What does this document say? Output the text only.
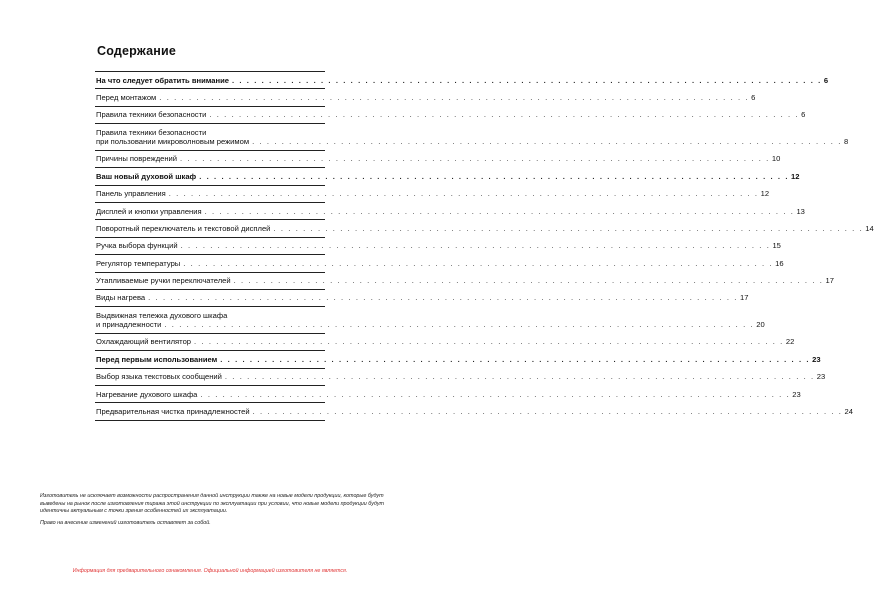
Содержание
На что следует обратить внимание . . . . . . . . . . . . . . . . . . . . . . . . . . . . . . . . . . . . . . . . . . . . . . . . . . . . . . . . . . . . . . . . . . . . . . . . . . . . . . . . 6
Перед монтажом . . . . . . . . . . . . . . . . . . . . . . . . . . . . . . . . . . . . . . . . . . . . . . . . . . . . . . . . . . . . . . . . . . . . . . . . . . . . . . . . 6
Правила техники безопасности . . . . . . . . . . . . . . . . . . . . . . . . . . . . . . . . . . . . . . . . . . . . . . . . . . . . . . . . . . . . . . . . . . . . . . . . . . . . . . . . 6
Правила техники безопасности
при пользовании микроволновым режимом . . . . . . . . . . . . . . . . . . . . . . . . . . . . . . . . . . . . . . . . . . . . . . . . . . . . . . . . . . . . . . . . . . . . . . . . . . . . . . . . 8
Причины повреждений . . . . . . . . . . . . . . . . . . . . . . . . . . . . . . . . . . . . . . . . . . . . . . . . . . . . . . . . . . . . . . . . . . . . . . . . . . . . . . . . 10
Ваш новый духовой шкаф . . . . . . . . . . . . . . . . . . . . . . . . . . . . . . . . . . . . . . . . . . . . . . . . . . . . . . . . . . . . . . . . . . . . . . . . . . . . . . . . 12
Панель управления . . . . . . . . . . . . . . . . . . . . . . . . . . . . . . . . . . . . . . . . . . . . . . . . . . . . . . . . . . . . . . . . . . . . . . . . . . . . . . . . 12
Дисплей и кнопки управления . . . . . . . . . . . . . . . . . . . . . . . . . . . . . . . . . . . . . . . . . . . . . . . . . . . . . . . . . . . . . . . . . . . . . . . . . . . . . . . . 13
Поворотный переключатель и текстовой дисплей . . . . . . . . . . . . . . . . . . . . . . . . . . . . . . . . . . . . . . . . . . . . . . . . . . . . . . . . . . . . . . . . . . . . . . . . . . . . . . . . 14
Ручка выбора функций . . . . . . . . . . . . . . . . . . . . . . . . . . . . . . . . . . . . . . . . . . . . . . . . . . . . . . . . . . . . . . . . . . . . . . . . . . . . . . . . 15
Регулятор температуры . . . . . . . . . . . . . . . . . . . . . . . . . . . . . . . . . . . . . . . . . . . . . . . . . . . . . . . . . . . . . . . . . . . . . . . . . . . . . . . . 16
Утапливаемые ручки переключателей . . . . . . . . . . . . . . . . . . . . . . . . . . . . . . . . . . . . . . . . . . . . . . . . . . . . . . . . . . . . . . . . . . . . . . . . . . . . . . . . 17
Виды нагрева . . . . . . . . . . . . . . . . . . . . . . . . . . . . . . . . . . . . . . . . . . . . . . . . . . . . . . . . . . . . . . . . . . . . . . . . . . . . . . . . 17
Выдвижная тележка духового шкафа
и принадлежности . . . . . . . . . . . . . . . . . . . . . . . . . . . . . . . . . . . . . . . . . . . . . . . . . . . . . . . . . . . . . . . . . . . . . . . . . . . . . . . . 20
Охлаждающий вентилятор . . . . . . . . . . . . . . . . . . . . . . . . . . . . . . . . . . . . . . . . . . . . . . . . . . . . . . . . . . . . . . . . . . . . . . . . . . . . . . . . 22
Перед первым использованием . . . . . . . . . . . . . . . . . . . . . . . . . . . . . . . . . . . . . . . . . . . . . . . . . . . . . . . . . . . . . . . . . . . . . . . . . . . . . . . . 23
Выбор языка текстовых сообщений . . . . . . . . . . . . . . . . . . . . . . . . . . . . . . . . . . . . . . . . . . . . . . . . . . . . . . . . . . . . . . . . . . . . . . . . . . . . . . . . 23
Нагревание духового шкафа . . . . . . . . . . . . . . . . . . . . . . . . . . . . . . . . . . . . . . . . . . . . . . . . . . . . . . . . . . . . . . . . . . . . . . . . . . . . . . . . 23
Предварительная чистка принадлежностей . . . . . . . . . . . . . . . . . . . . . . . . . . . . . . . . . . . . . . . . . . . . . . . . . . . . . . . . . . . . . . . . . . . . . . . . . . . . . . . . 24

Изготовитель не исключает возможности распространения данной инструкции также на новые модели продукции, которые будут выведены на рынок после изготовления тиража этой инструкции по эксплуатации при условии, что новые модели продукции будут идентичны актуальным с точки зрения особенностей их эксплуатации.

Право на внесение изменений изготовитель оставляет за собой.

Информация для предварительного ознакомления. Официальной информацией изготовителя не является.
